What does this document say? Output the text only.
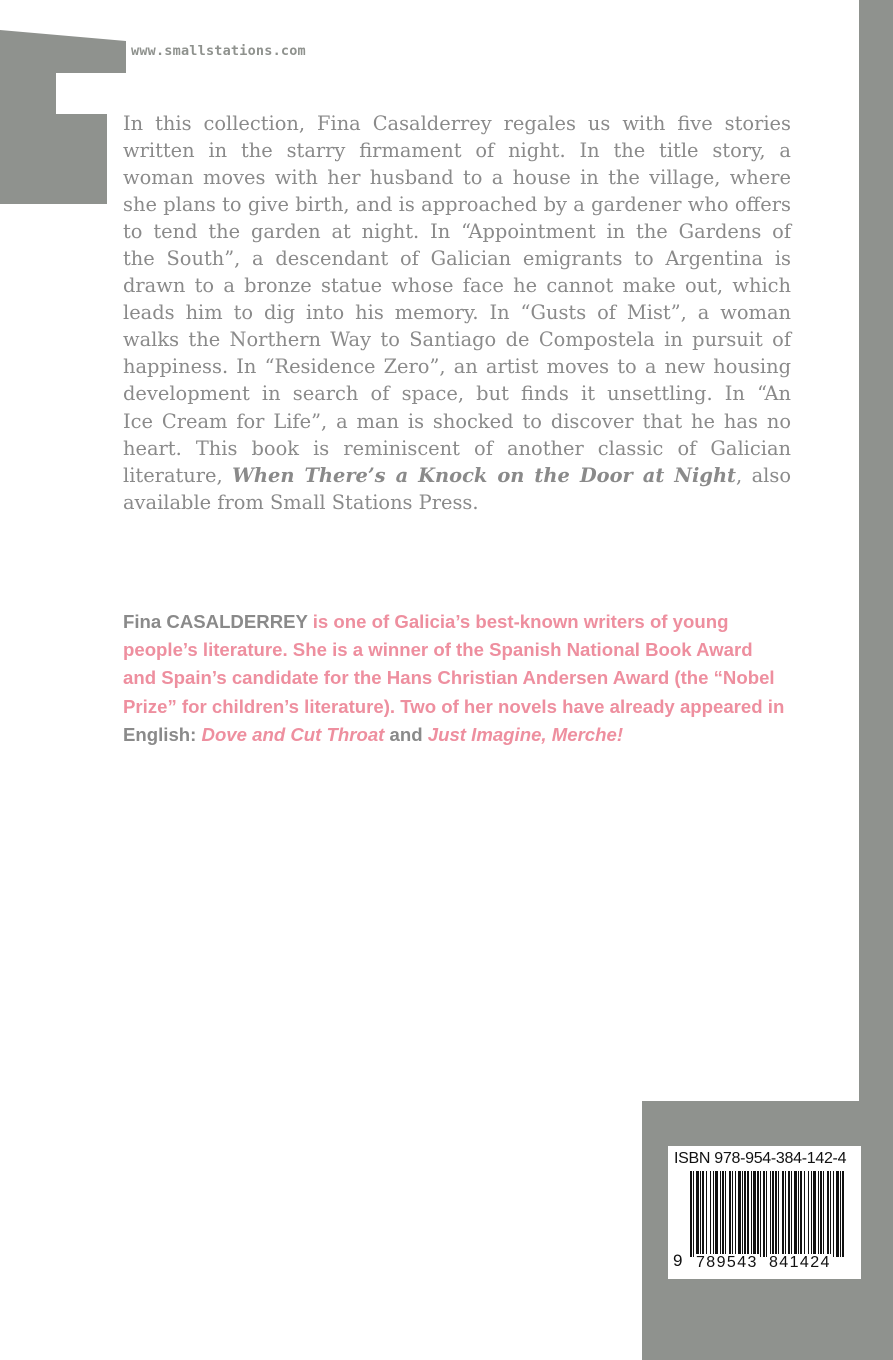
www.smallstations.com

In this collection, Fina Casalderrey regales us with five stories
written in the starry firmament of night. In the title story, a
woman moves with her husband to a house in the village, where
she plans to give birth, and is approached by a gardener who offers
to tend the garden at night. In “Appointment in the Gardens of
the South”, a descendant of Galician emigrants to Argentina is
drawn to a bronze statue whose face he cannot make out, which
leads him to dig into his memory. In “Gusts of Mist”, a woman
walks the Northern Way to Santiago de Compostela in pursuit of
happiness. In “Residence Zero”, an artist moves to a new housing
development in search of space, but finds it unsettling. In “An
Ice Cream for Life”, a man is shocked to discover that he has no
heart. This book is reminiscent of another classic of Galician
literature, When There’s a Knock on the Door at Night, also
available from Small Stations Press.

Fina CASALDERREY is one of Galicia’s best-known writers of young
people’s literature. She is a winner of the Spanish National Book Award
and Spain’s candidate for the Hans Christian Andersen Award (the “Nobel
Prize” for children’s literature). Two of her novels have already appeared in
English: Dove and Cut Throat and Just Imagine, Merche!

ISBN 978-954-384-142-4
9 789543 841424
